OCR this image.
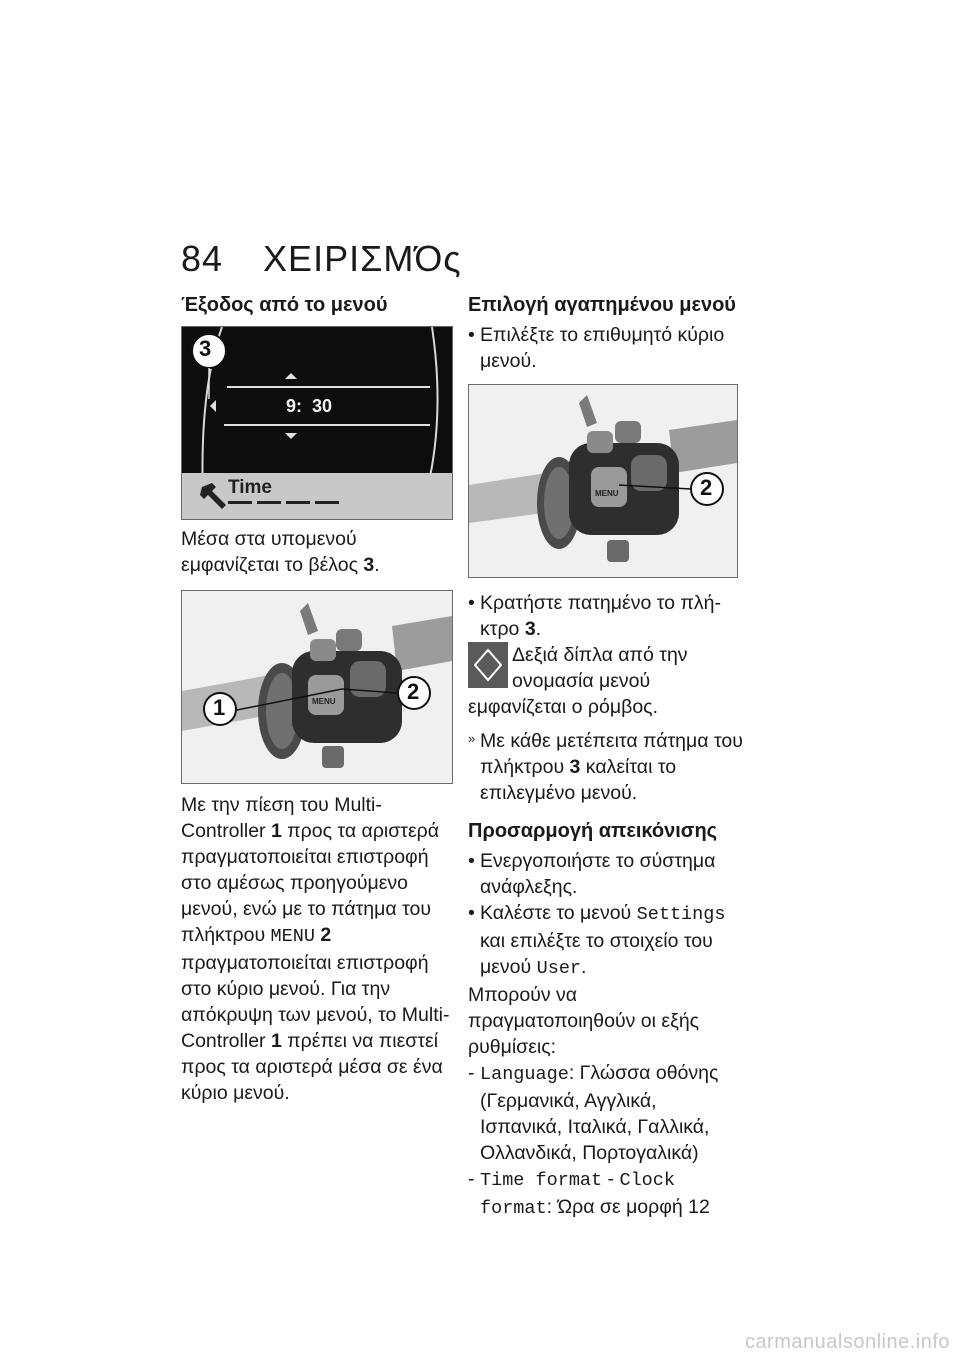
84 ΧΕΙΡΙΣΜΌς
Έξοδος από το μενού
3
9:  30
Time

Μέσα στα υπομενού εμφανίζεται το βέλος 3.

1
2
MENU

Με την πίεση του Multi-Controller 1 προς τα αριστερά πραγματοποιείται επιστροφή στο αμέσως προηγούμενο μενού, ενώ με το πάτημα του πλήκτρου MENU 2 πραγματοποιείται επιστροφή στο κύριο μενού. Για την απόκρυψη των μενού, το Multi-Controller 1 πρέπει να πιεστεί προς τα αριστερά μέσα σε ένα κύριο μενού.

Επιλογή αγαπημένου μενού

• Επιλέξτε το επιθυμητό κύριο μενού.

2
MENU

• Κρατήστε πατημένο το πλή-κτρο 3.

Δεξιά δίπλα από την ονομασία μενού εμφανίζεται ο ρόμβος.

» Με κάθε μετέπειτα πάτημα του πλήκτρου 3 καλείται το επιλεγμένο μενού.

Προσαρμογή απεικόνισης

• Ενεργοποιήστε το σύστημα ανάφλεξης.

• Καλέστε το μενού Settings και επιλέξτε το στοιχείο του μενού User.

Μπορούν να πραγματοποιηθούν οι εξής ρυθμίσεις:

- Language: Γλώσσα οθόνης (Γερμανικά, Αγγλικά, Ισπανικά, Ιταλικά, Γαλλικά, Ολλανδικά, Πορτογαλικά)

- Time format - Clock format: Ώρα σε μορφή 12

carmanualsonline.info
